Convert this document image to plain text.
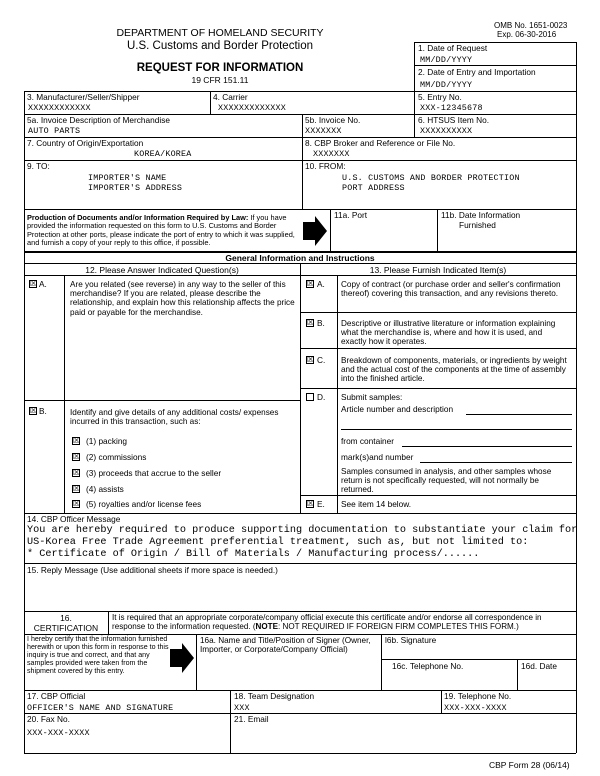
DEPARTMENT OF HOMELAND SECURITY
U.S. Customs and Border Protection
REQUEST FOR INFORMATION
19 CFR 151.11
OMB No. 1651-0023
Exp. 06-30-2016
1. Date of Request
MM/DD/YYYY
2. Date of Entry and Importation
MM/DD/YYYY
3. Manufacturer/Seller/Shipper
XXXXXXXXXXXX
4. Carrier
XXXXXXXXXXXXX
5. Entry No.
XXX-12345678
5a. Invoice Description of Merchandise
AUTO PARTS
5b. Invoice No.
XXXXXXX
6. HTSUS Item No.
XXXXXXXXXX
7. Country of Origin/Exportation
KOREA/KOREA
8. CBP Broker and Reference or File No.
XXXXXXX
9. TO:
IMPORTER'S NAME
IMPORTER'S ADDRESS
10. FROM:
U.S. CUSTOMS AND BORDER PROTECTION
PORT ADDRESS
Production of Documents and/or Information Required by Law: If you have provided the information requested on this form to U.S. Customs and Border Protection at other ports, please indicate the port of entry to which it was supplied, and furnish a copy of your reply to this office, if possible.
11a. Port	11b. Date Information
Furnished
General Information and Instructions
12. Please Answer Indicated Question(s)	13. Please Furnish Indicated Item(s)
☒ A.	Are you related (see reverse) in any way to the seller of this merchandise? If you are related, please describe the relationship, and explain how this relationship affects the price paid or payable for the merchandise.
☒ B.	Identify and give details of any additional costs/ expenses incurred in this transaction, such as:
☒ (1) packing
☒ (2) commissions
☒ (3) proceeds that accrue to the seller
☒ (4) assists
☒ (5) royalties and/or license fees
☒ A. Copy of contract (or purchase order and seller's confirmation thereof) covering this transaction, and any revisions thereto.
☒ B. Descriptive or illustrative literature or information explaining what the merchandise is, where and how it is used, and exactly how it operates.
☒ C. Breakdown of components, materials, or ingredients by weight and the actual cost of the components at the time of assembly into the finished article.
D. Submit samples:
Article number and description
from container
mark(s)and number
Samples consumed in analysis, and other samples whose return is not specifically requested, will not normally be returned.
☒ E. See item 14 below.
14. CBP Officer Message
You are hereby required to produce supporting documentation to substantiate your claim for
US-Korea Free Trade Agreement preferential treatment, such as, but not limited to:
* Certificate of Origin / Bill of Materials / Manufacturing process/......
15. Reply Message (Use additional sheets if more space is needed.)
16.
CERTIFICATION
It is required that an appropriate corporate/company official execute this certificate and/or endorse all correspondence in response to the information requested. (NOTE: NOT REQUIRED IF FOREIGN FIRM COMPLETES THIS FORM.)
I hereby certify that the information furnished herewith or upon this form in response to this inquiry is true and correct, and that any samples provided were taken from the shipment covered by this entry.
16a. Name and Title/Position of Signer (Owner, Importer, or Corporate/Company Official)
l6b. Signature
16c. Telephone No.	16d. Date
17. CBP Official
OFFICER'S NAME AND SIGNATURE
18. Team Designation
XXX
19. Telephone No.
XXX-XXX-XXXX
20. Fax No.
XXX-XXX-XXXX
21. Email
CBP Form 28 (06/14)
